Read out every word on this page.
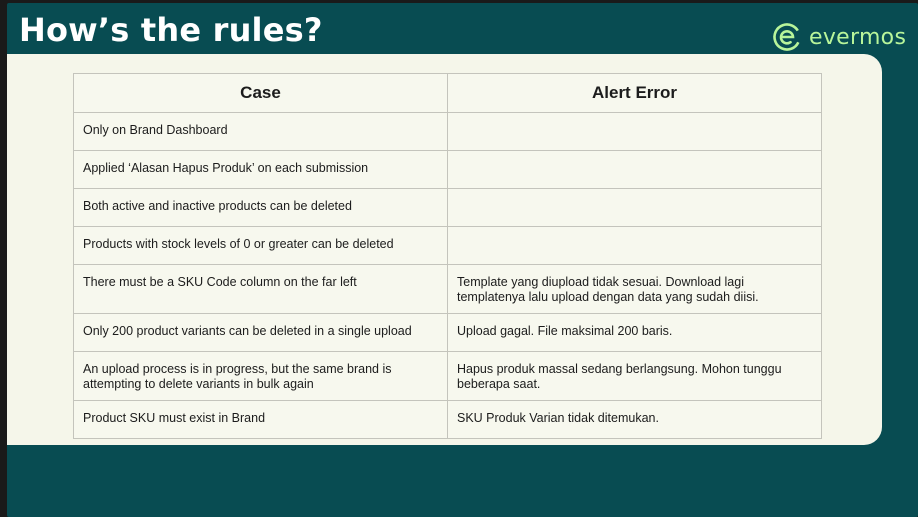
How’s the rules?	evermos
Case	Alert Error
Only on Brand Dashboard	
Applied ‘Alasan Hapus Produk’ on each submission	
Both active and inactive products can be deleted	
Products with stock levels of 0 or greater can be deleted	
There must be a SKU Code column on the far left	Template yang diupload tidak sesuai. Download lagi templatenya lalu upload dengan data yang sudah diisi.
Only 200 product variants can be deleted in a single upload	Upload gagal. File maksimal 200 baris.
An upload process is in progress, but the same brand is attempting to delete variants in bulk again	Hapus produk massal sedang berlangsung. Mohon tunggu beberapa saat.
Product SKU must exist in Brand	SKU Produk Varian tidak ditemukan.
